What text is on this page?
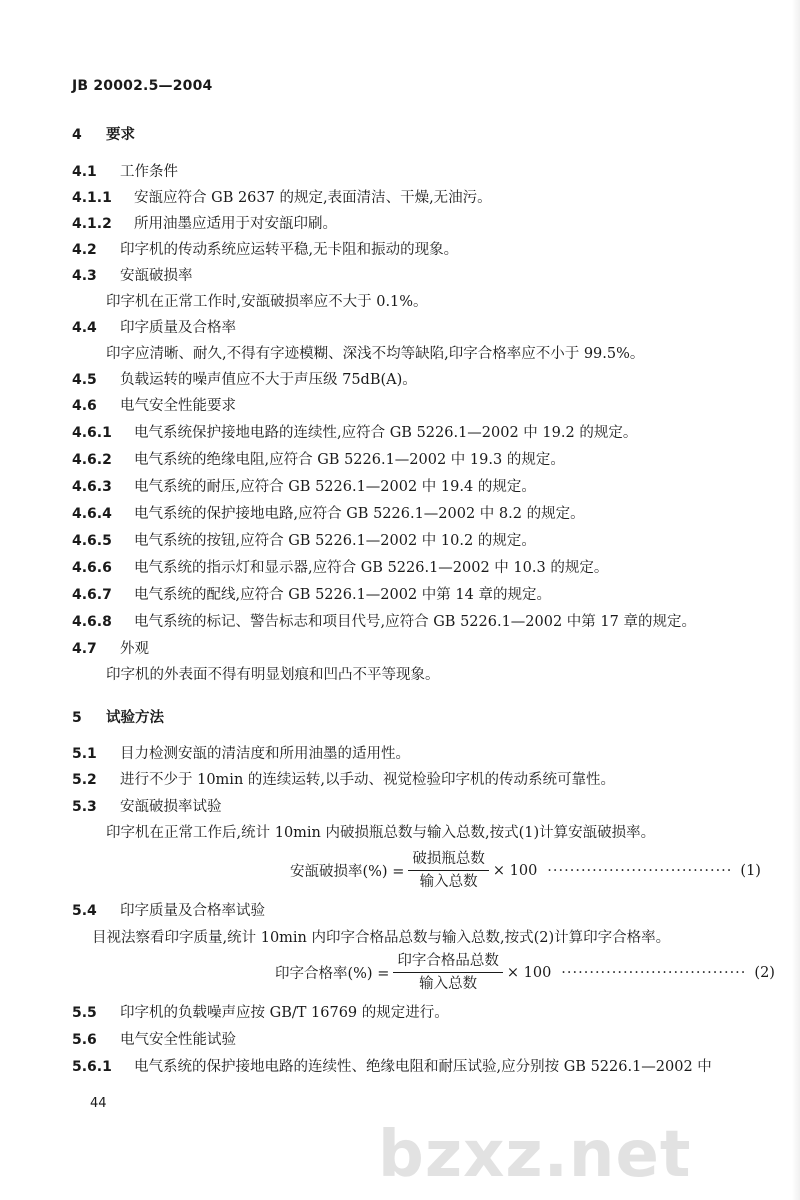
JB 20002.5—2004
4 要求
4.1 工作条件
4.1.1 安瓿应符合 GB 2637 的规定,表面清洁、干燥,无油污。
4.1.2 所用油墨应适用于对安瓿印刷。
4.2 印字机的传动系统应运转平稳,无卡阻和振动的现象。
4.3 安瓿破损率
印字机在正常工作时,安瓿破损率应不大于 0.1%。
4.4 印字质量及合格率
印字应清晰、耐久,不得有字迹模糊、深浅不均等缺陷,印字合格率应不小于 99.5%。
4.5 负载运转的噪声值应不大于声压级 75dB(A)。
4.6 电气安全性能要求
4.6.1 电气系统保护接地电路的连续性,应符合 GB 5226.1—2002 中 19.2 的规定。
4.6.2 电气系统的绝缘电阻,应符合 GB 5226.1—2002 中 19.3 的规定。
4.6.3 电气系统的耐压,应符合 GB 5226.1—2002 中 19.4 的规定。
4.6.4 电气系统的保护接地电路,应符合 GB 5226.1—2002 中 8.2 的规定。
4.6.5 电气系统的按钮,应符合 GB 5226.1—2002 中 10.2 的规定。
4.6.6 电气系统的指示灯和显示器,应符合 GB 5226.1—2002 中 10.3 的规定。
4.6.7 电气系统的配线,应符合 GB 5226.1—2002 中第 14 章的规定。
4.6.8 电气系统的标记、警告标志和项目代号,应符合 GB 5226.1—2002 中第 17 章的规定。
4.7 外观
印字机的外表面不得有明显划痕和凹凸不平等现象。
5 试验方法
5.1 目力检测安瓿的清洁度和所用油墨的适用性。
5.2 进行不少于 10min 的连续运转,以手动、视觉检验印字机的传动系统可靠性。
5.3 安瓿破损率试验
印字机在正常工作后,统计 10min 内破损瓶总数与输入总数,按式(1)计算安瓿破损率。
安瓿破损率(%) = $\frac{\text{破损瓶总数}}{\text{输入总数}} \times 100$ ································· (1)
5.4 印字质量及合格率试验
目视法察看印字质量,统计 10min 内印字合格品总数与输入总数,按式(2)计算印字合格率。
印字合格率(%) = $\frac{\text{印字合格品总数}}{\text{输入总数}} \times 100$ ································· (2)
5.5 印字机的负载噪声应按 GB/T 16769 的规定进行。
5.6 电气安全性能试验
5.6.1 电气系统的保护接地电路的连续性、绝缘电阻和耐压试验,应分别按 GB 5226.1—2002 中
44
bzxz.net
